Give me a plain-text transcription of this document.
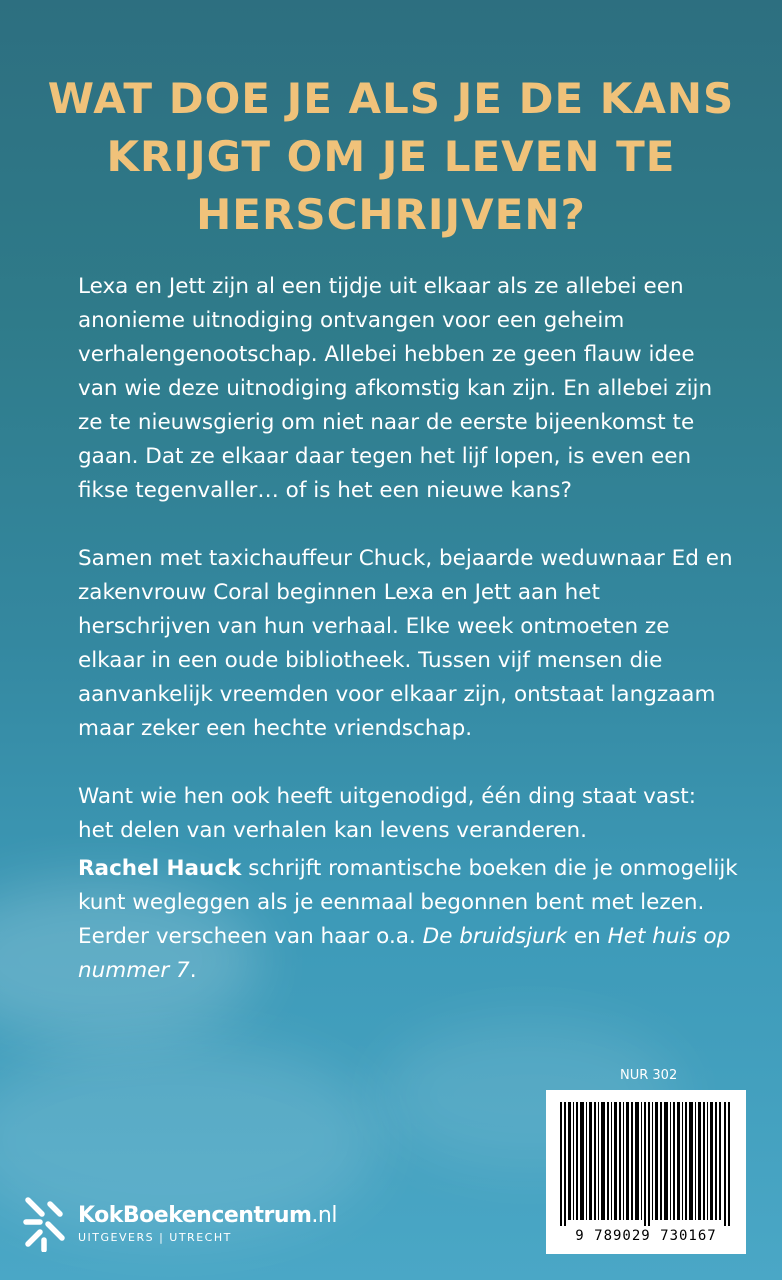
WAT DOE JE ALS JE DE KANS KRIJGT OM JE LEVEN TE HERSCHRIJVEN?

Lexa en Jett zijn al een tijdje uit elkaar als ze allebei een anonieme uitnodiging ontvangen voor een geheim verhalengenootschap. Allebei hebben ze geen flauw idee van wie deze uitnodiging afkomstig kan zijn. En allebei zijn ze te nieuwsgierig om niet naar de eerste bijeenkomst te gaan. Dat ze elkaar daar tegen het lijf lopen, is even een fikse tegenvaller… of is het een nieuwe kans?

Samen met taxichauffeur Chuck, bejaarde weduwnaar Ed en zakenvrouw Coral beginnen Lexa en Jett aan het herschrijven van hun verhaal. Elke week ontmoeten ze elkaar in een oude bibliotheek. Tussen vijf mensen die aanvankelijk vreemden voor elkaar zijn, ontstaat langzaam maar zeker een hechte vriendschap.

Want wie hen ook heeft uitgenodigd, één ding staat vast: het delen van verhalen kan levens veranderen.

Rachel Hauck schrijft romantische boeken die je onmogelijk kunt wegleggen als je eenmaal begonnen bent met lezen. Eerder verscheen van haar o.a. De bruidsjurk en Het huis op nummer 7.
NUR 302
9 789029 730167
KokBoekencentrum.nl
UITGEVERS | UTRECHT
